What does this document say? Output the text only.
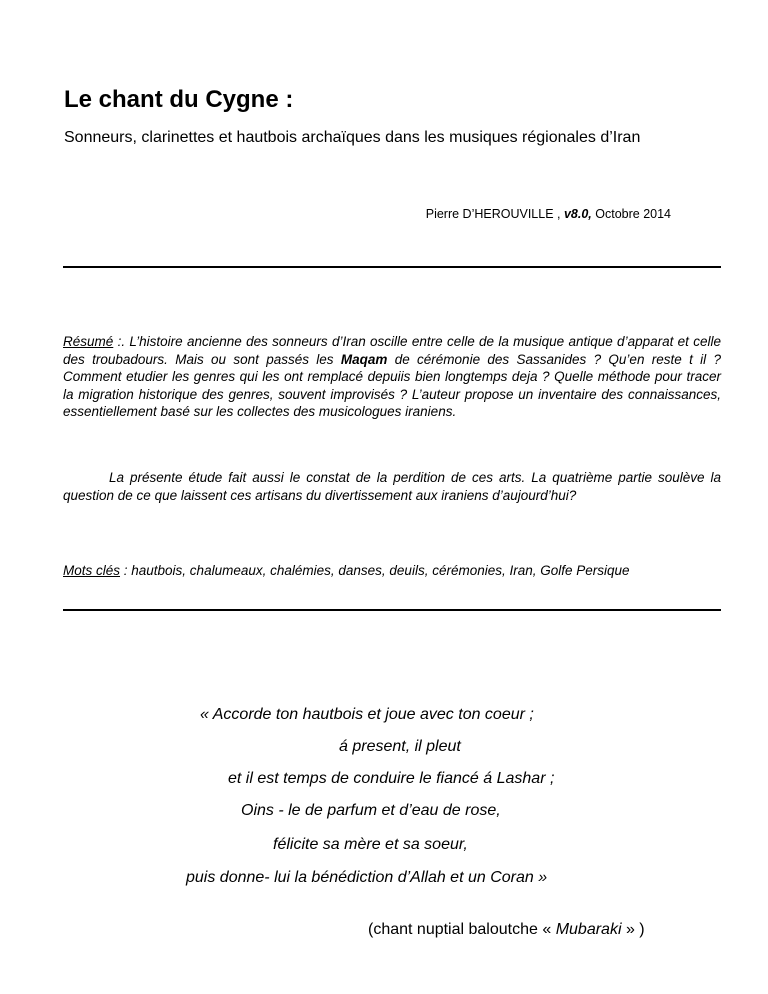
Le chant du Cygne :
Sonneurs, clarinettes et hautbois archaïques dans les musiques régionales d’Iran
Pierre D’HEROUVILLE , v8.0, Octobre 2014
Résumé :. L’histoire ancienne des sonneurs d’Iran oscille entre celle de la musique antique d’apparat et celle des troubadours. Mais ou sont passés les Maqam de cérémonie des Sassanides ? Qu’en reste t il ? Comment etudier les genres qui les ont remplacé depuiis bien longtemps deja ? Quelle méthode pour tracer la migration historique des genres, souvent improvisés ? L’auteur propose un inventaire des connaissances, essentiellement basé sur les collectes des musicologues iraniens.
La présente étude fait aussi le constat de la perdition de ces arts. La quatrième partie soulève la question de ce que laissent ces artisans du divertissement aux iraniens d’aujourd’hui?
Mots clés : hautbois, chalumeaux, chalémies, danses, deuils, cérémonies, Iran, Golfe Persique
« Accorde ton hautbois et joue avec ton coeur ;
á present, il pleut
et il est temps de conduire le fiancé á Lashar ;
Oins - le de parfum et d’eau de rose,
félicite sa mère et sa soeur,
puis donne- lui la bénédiction d’Allah et un Coran »
(chant nuptial baloutche « Mubaraki » )
